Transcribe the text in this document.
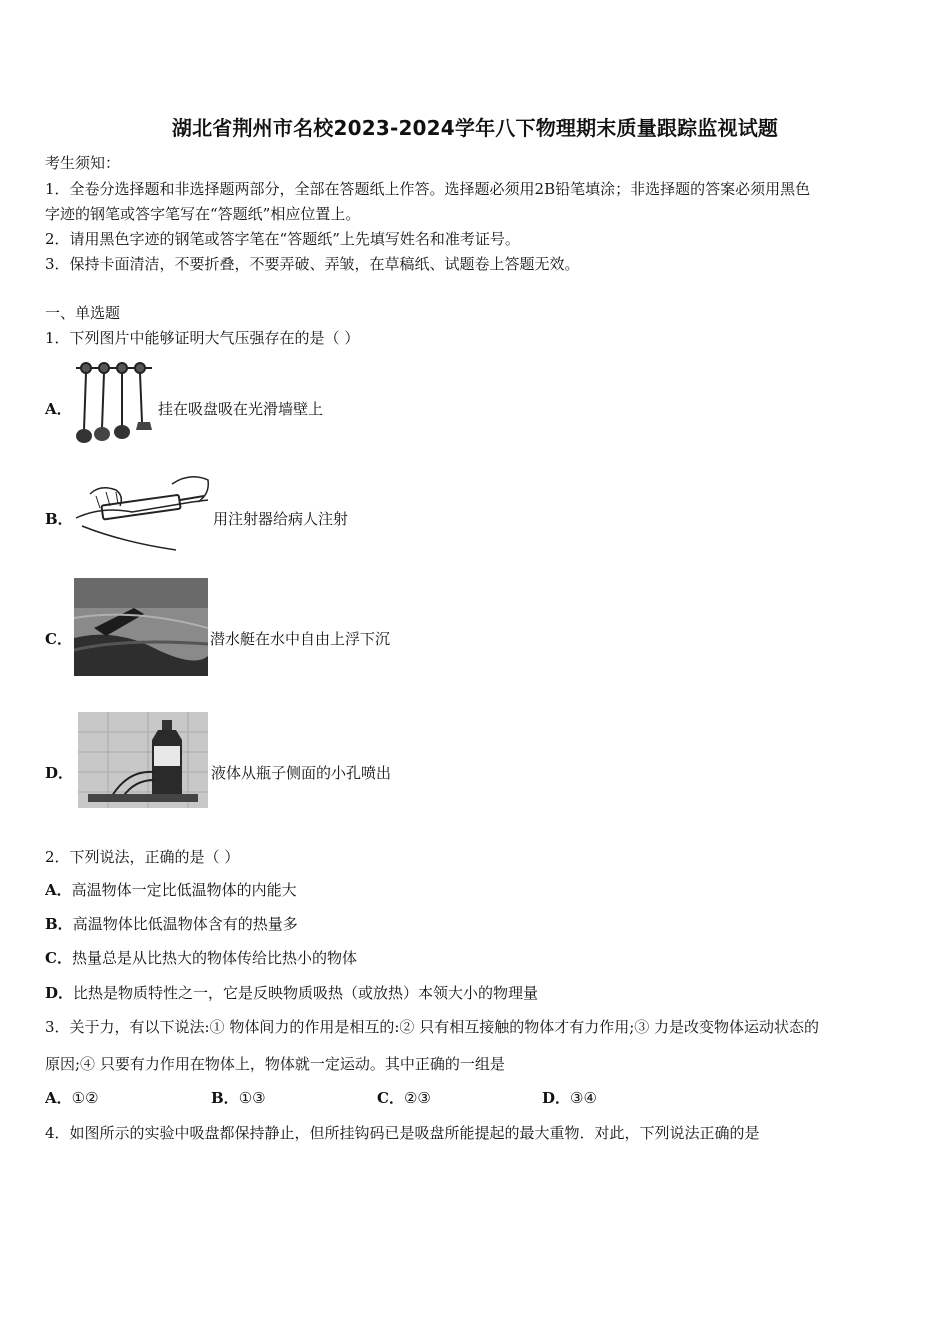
湖北省荆州市名校2023-2024学年八下物理期末质量跟踪监视试题
考生须知：
1．全卷分选择题和非选择题两部分，全部在答题纸上作答。选择题必须用2B铅笔填涂；非选择题的答案必须用黑色
字迹的钢笔或答字笔写在“答题纸”相应位置上。
2．请用黑色字迹的钢笔或答字笔在“答题纸”上先填写姓名和准考证号。
3．保持卡面清洁，不要折叠，不要弄破、弄皱，在草稿纸、试题卷上答题无效。
一、单选题
1．下列图片中能够证明大气压强存在的是（ ）
A．	挂在吸盘吸在光滑墙壁上
B．	用注射器给病人注射
C．	潜水艇在水中自由上浮下沉
D．	液体从瓶子侧面的小孔喷出
2．下列说法，正确的是（ ）
A．高温物体一定比低温物体的内能大
B．高温物体比低温物体含有的热量多
C．热量总是从比热大的物体传给比热小的物体
D．比热是物质特性之一，它是反映物质吸热（或放热）本领大小的物理量
3．关于力，有以下说法:① 物体间力的作用是相互的:② 只有相互接触的物体才有力作用;③ 力是改变物体运动状态的
原因;④ 只要有力作用在物体上，物体就一定运动。其中正确的一组是
A．①②	B．①③	C．②③	D．③④
4．如图所示的实验中吸盘都保持静止，但所挂钩码已是吸盘所能提起的最大重物．对此，下列说法正确的是
